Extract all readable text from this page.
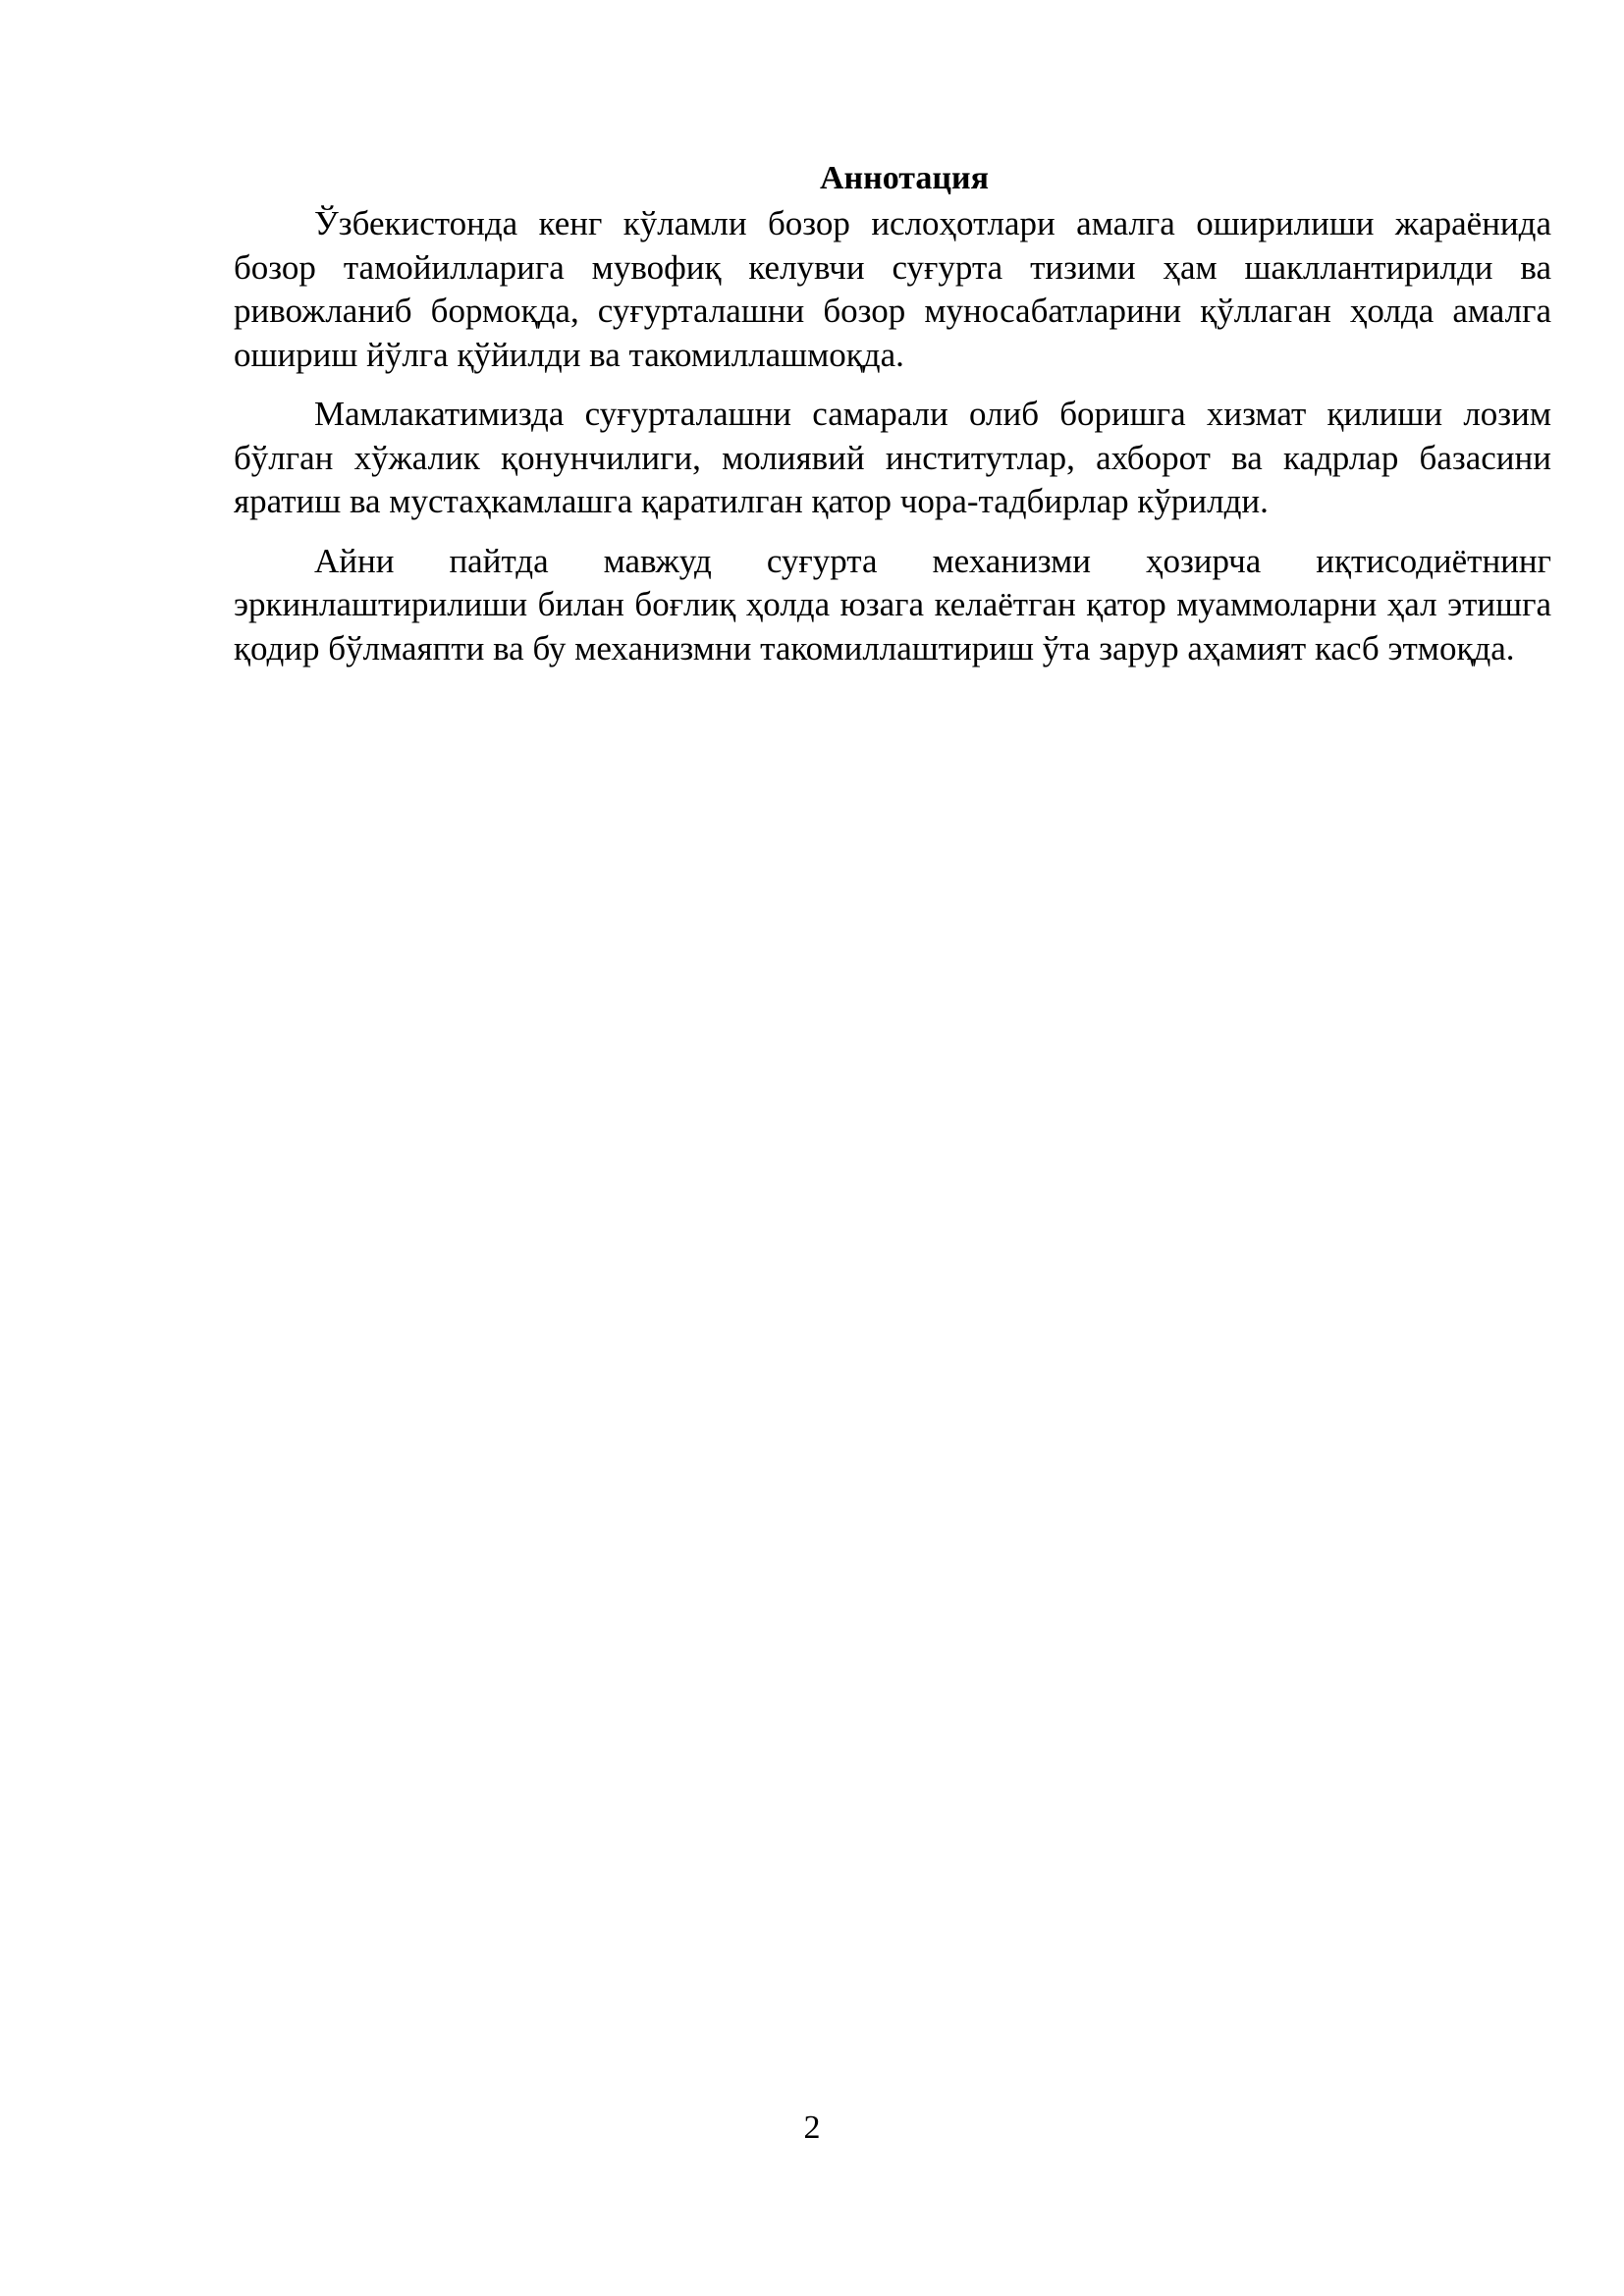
Аннотация

Ўзбекистонда кенг кўламли бозор ислоҳотлари амалга оширилиши жараёнида бозор тамойилларига мувофиқ келувчи суғурта тизими ҳам шакллантирилди ва ривожланиб бормоқда, суғурталашни бозор муносабатларини қўллаган ҳолда амалга ошириш йўлга қўйилди ва такомиллашмоқда.

Мамлакатимизда суғурталашни самарали олиб боришга хизмат қилиши лозим бўлган хўжалик қонунчилиги, молиявий институтлар, ахборот ва кадрлар базасини яратиш ва мустаҳкамлашга қаратилган қатор чора-тадбирлар кўрилди.

Айни пайтда мавжуд суғурта механизми ҳозирча иқтисодиётнинг эркинлаштирилиши билан боғлиқ ҳолда юзага келаётган қатор муаммоларни ҳал этишга қодир бўлмаяпти ва бу механизмни такомиллаштириш ўта зарур аҳамият касб этмоқда.

2
